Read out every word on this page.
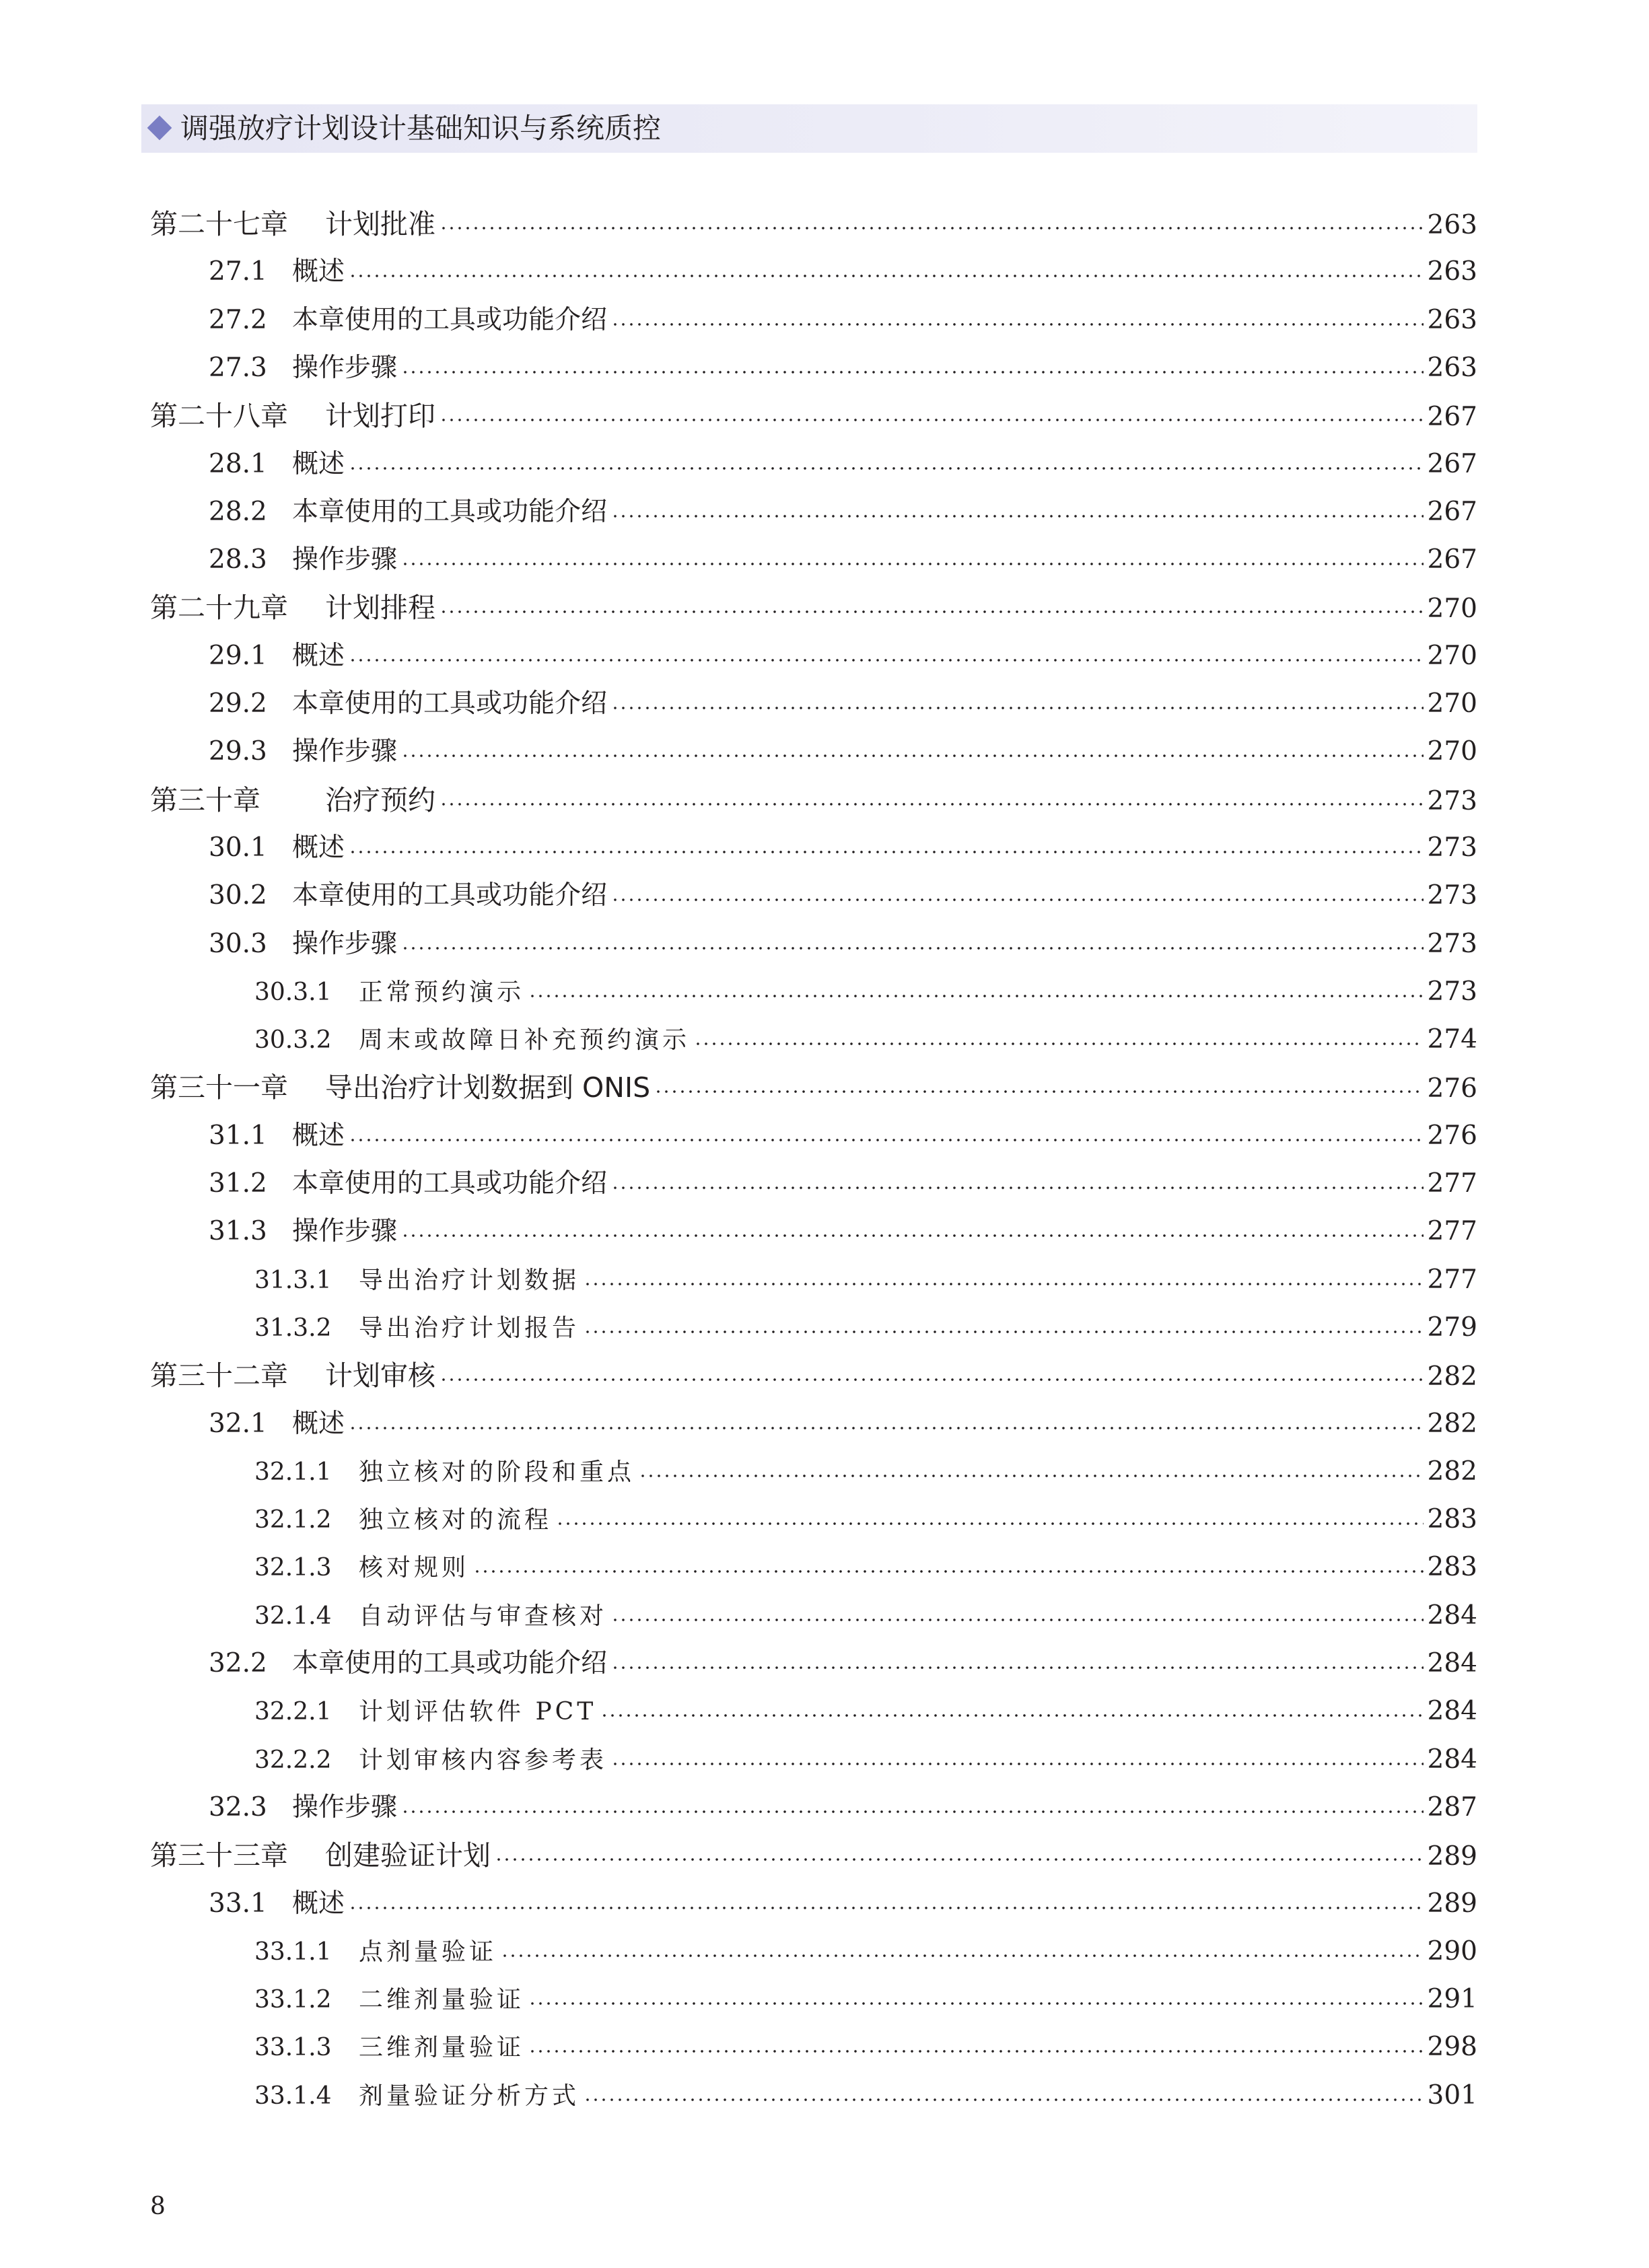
调强放疗计划设计基础知识与系统质控
第二十七章	计划批准	263
27.1 概述	263
27.2 本章使用的工具或功能介绍	263
27.3 操作步骤	263
第二十八章	计划打印	267
28.1 概述	267
28.2 本章使用的工具或功能介绍	267
28.3 操作步骤	267
第二十九章	计划排程	270
29.1 概述	270
29.2 本章使用的工具或功能介绍	270
29.3 操作步骤	270
第三十章	治疗预约	273
30.1 概述	273
30.2 本章使用的工具或功能介绍	273
30.3 操作步骤	273
30.3.1	正常预约演示	273
30.3.2	周末或故障日补充预约演示	274
第三十一章	导出治疗计划数据到 ONIS	276
31.1 概述	276
31.2 本章使用的工具或功能介绍	277
31.3 操作步骤	277
31.3.1	导出治疗计划数据	277
31.3.2	导出治疗计划报告	279
第三十二章	计划审核	282
32.1 概述	282
32.1.1	独立核对的阶段和重点	282
32.1.2	独立核对的流程	283
32.1.3	核对规则	283
32.1.4	自动评估与审查核对	284
32.2 本章使用的工具或功能介绍	284
32.2.1	计划评估软件 PCT	284
32.2.2	计划审核内容参考表	284
32.3 操作步骤	287
第三十三章	创建验证计划	289
33.1 概述	289
33.1.1	点剂量验证	290
33.1.2	二维剂量验证	291
33.1.3	三维剂量验证	298
33.1.4	剂量验证分析方式	301
8
